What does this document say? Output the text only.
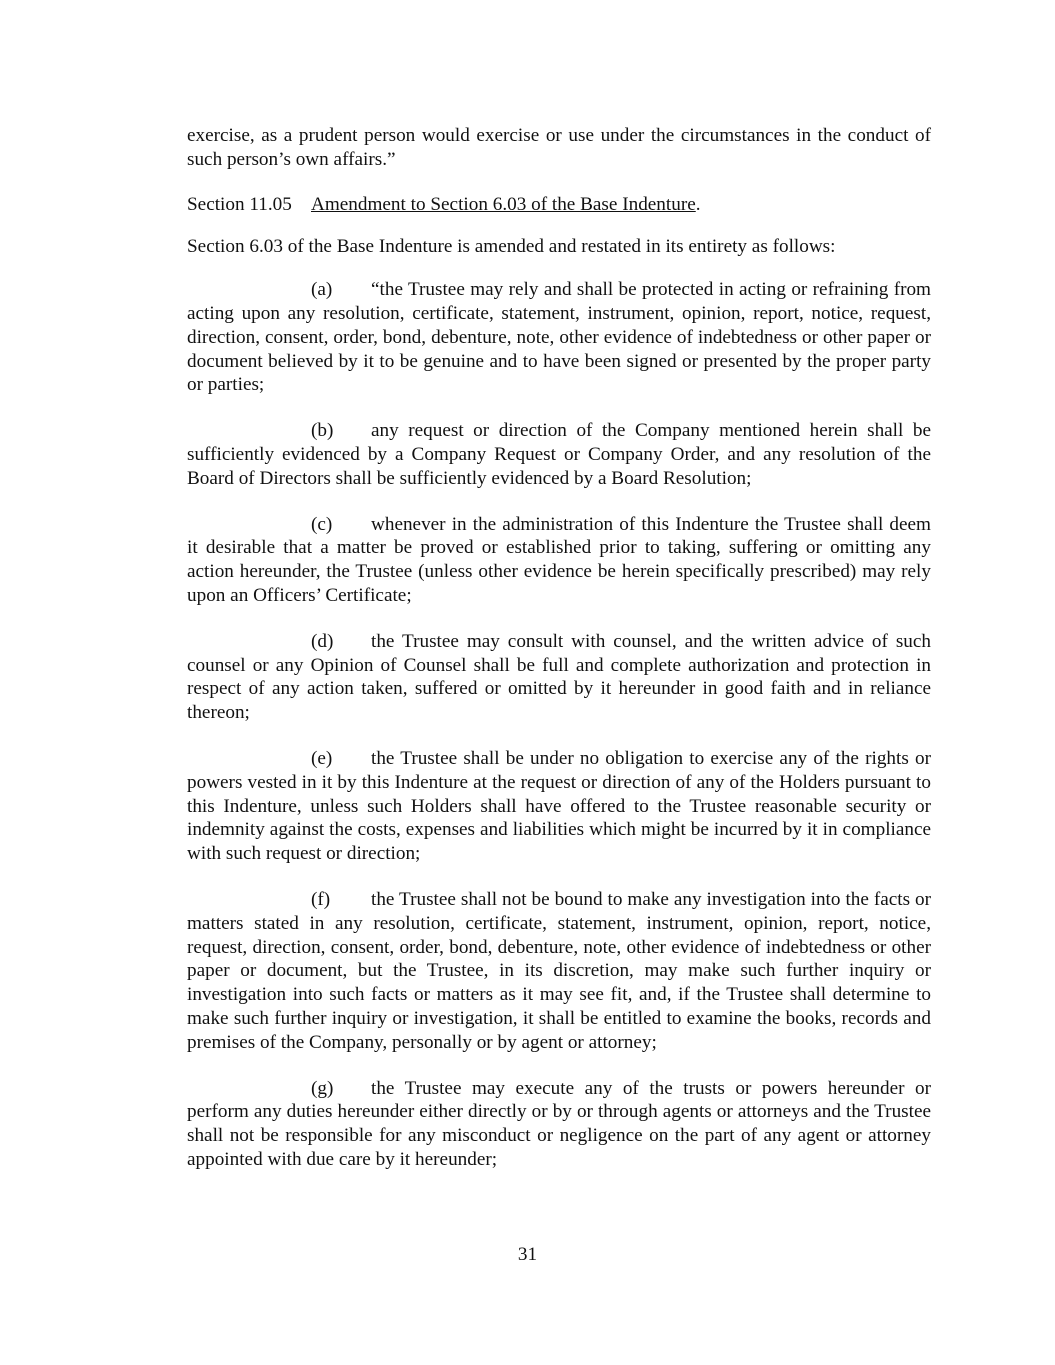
exercise, as a prudent person would exercise or use under the circumstances in the conduct of such person’s own affairs.”

Section 11.05 Amendment to Section 6.03 of the Base Indenture.

Section 6.03 of the Base Indenture is amended and restated in its entirety as follows:

(a) “the Trustee may rely and shall be protected in acting or refraining from acting upon any resolution, certificate, statement, instrument, opinion, report, notice, request, direction, consent, order, bond, debenture, note, other evidence of indebtedness or other paper or document believed by it to be genuine and to have been signed or presented by the proper party or parties;

(b) any request or direction of the Company mentioned herein shall be sufficiently evidenced by a Company Request or Company Order, and any resolution of the Board of Directors shall be sufficiently evidenced by a Board Resolution;

(c) whenever in the administration of this Indenture the Trustee shall deem it desirable that a matter be proved or established prior to taking, suffering or omitting any action hereunder, the Trustee (unless other evidence be herein specifically prescribed) may rely upon an Officers’ Certificate;

(d) the Trustee may consult with counsel, and the written advice of such counsel or any Opinion of Counsel shall be full and complete authorization and protection in respect of any action taken, suffered or omitted by it hereunder in good faith and in reliance thereon;

(e) the Trustee shall be under no obligation to exercise any of the rights or powers vested in it by this Indenture at the request or direction of any of the Holders pursuant to this Indenture, unless such Holders shall have offered to the Trustee reasonable security or indemnity against the costs, expenses and liabilities which might be incurred by it in compliance with such request or direction;

(f) the Trustee shall not be bound to make any investigation into the facts or matters stated in any resolution, certificate, statement, instrument, opinion, report, notice, request, direction, consent, order, bond, debenture, note, other evidence of indebtedness or other paper or document, but the Trustee, in its discretion, may make such further inquiry or investigation into such facts or matters as it may see fit, and, if the Trustee shall determine to make such further inquiry or investigation, it shall be entitled to examine the books, records and premises of the Company, personally or by agent or attorney;

(g) the Trustee may execute any of the trusts or powers hereunder or perform any duties hereunder either directly or by or through agents or attorneys and the Trustee shall not be responsible for any misconduct or negligence on the part of any agent or attorney appointed with due care by it hereunder;

31
